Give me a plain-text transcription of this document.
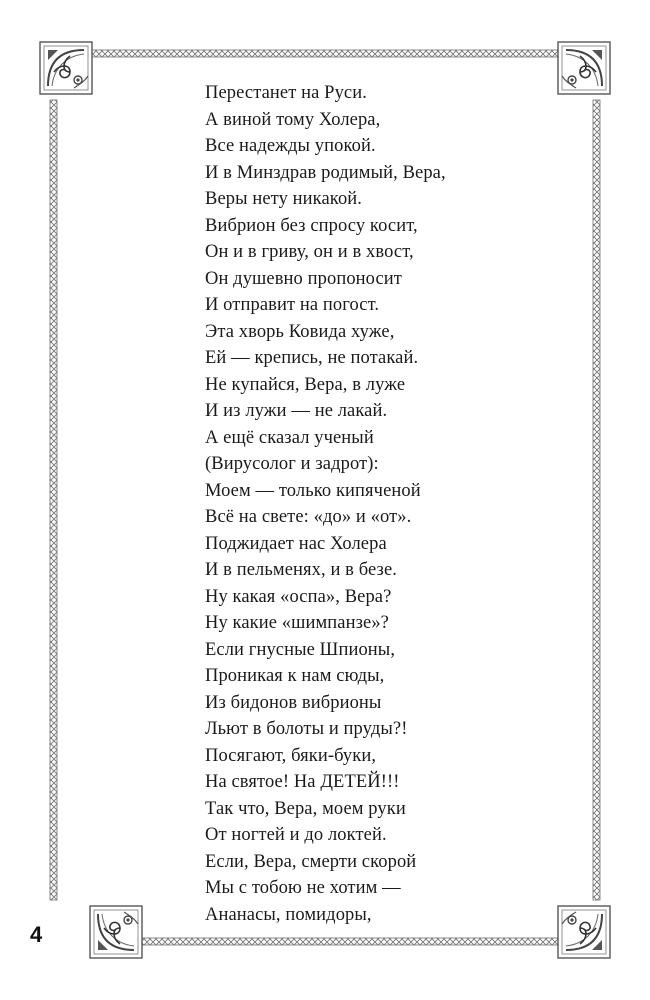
Перестанет на Руси.
А виной тому Холера,
Все надежды упокой.
И в Минздрав родимый, Вера,
Веры нету никакой.
Вибрион без спросу косит,
Он и в гриву, он и в хвост,
Он душевно пропоносит
И отправит на погост.
Эта хворь Ковида хуже,
Ей — крепись, не потакай.
Не купайся, Вера, в луже
И из лужи — не лакай.
А ещё сказал ученый
(Вирусолог и задрот):
Моем — только кипяченой
Всё на свете: «до» и «от».
Поджидает нас Холера
И в пельменях, и в безе.
Ну какая «оспа», Вера?
Ну какие «шимпанзе»?
Если гнусные Шпионы,
Проникая к нам сюды,
Из бидонов вибрионы
Льют в болоты и пруды?!
Посягают, бяки-буки,
На святое! На ДЕТЕЙ!!!
Так что, Вера, моем руки
От ногтей и до локтей.
Если, Вера, смерти скорой
Мы с тобою не хотим —
Ананасы, помидоры,
4
